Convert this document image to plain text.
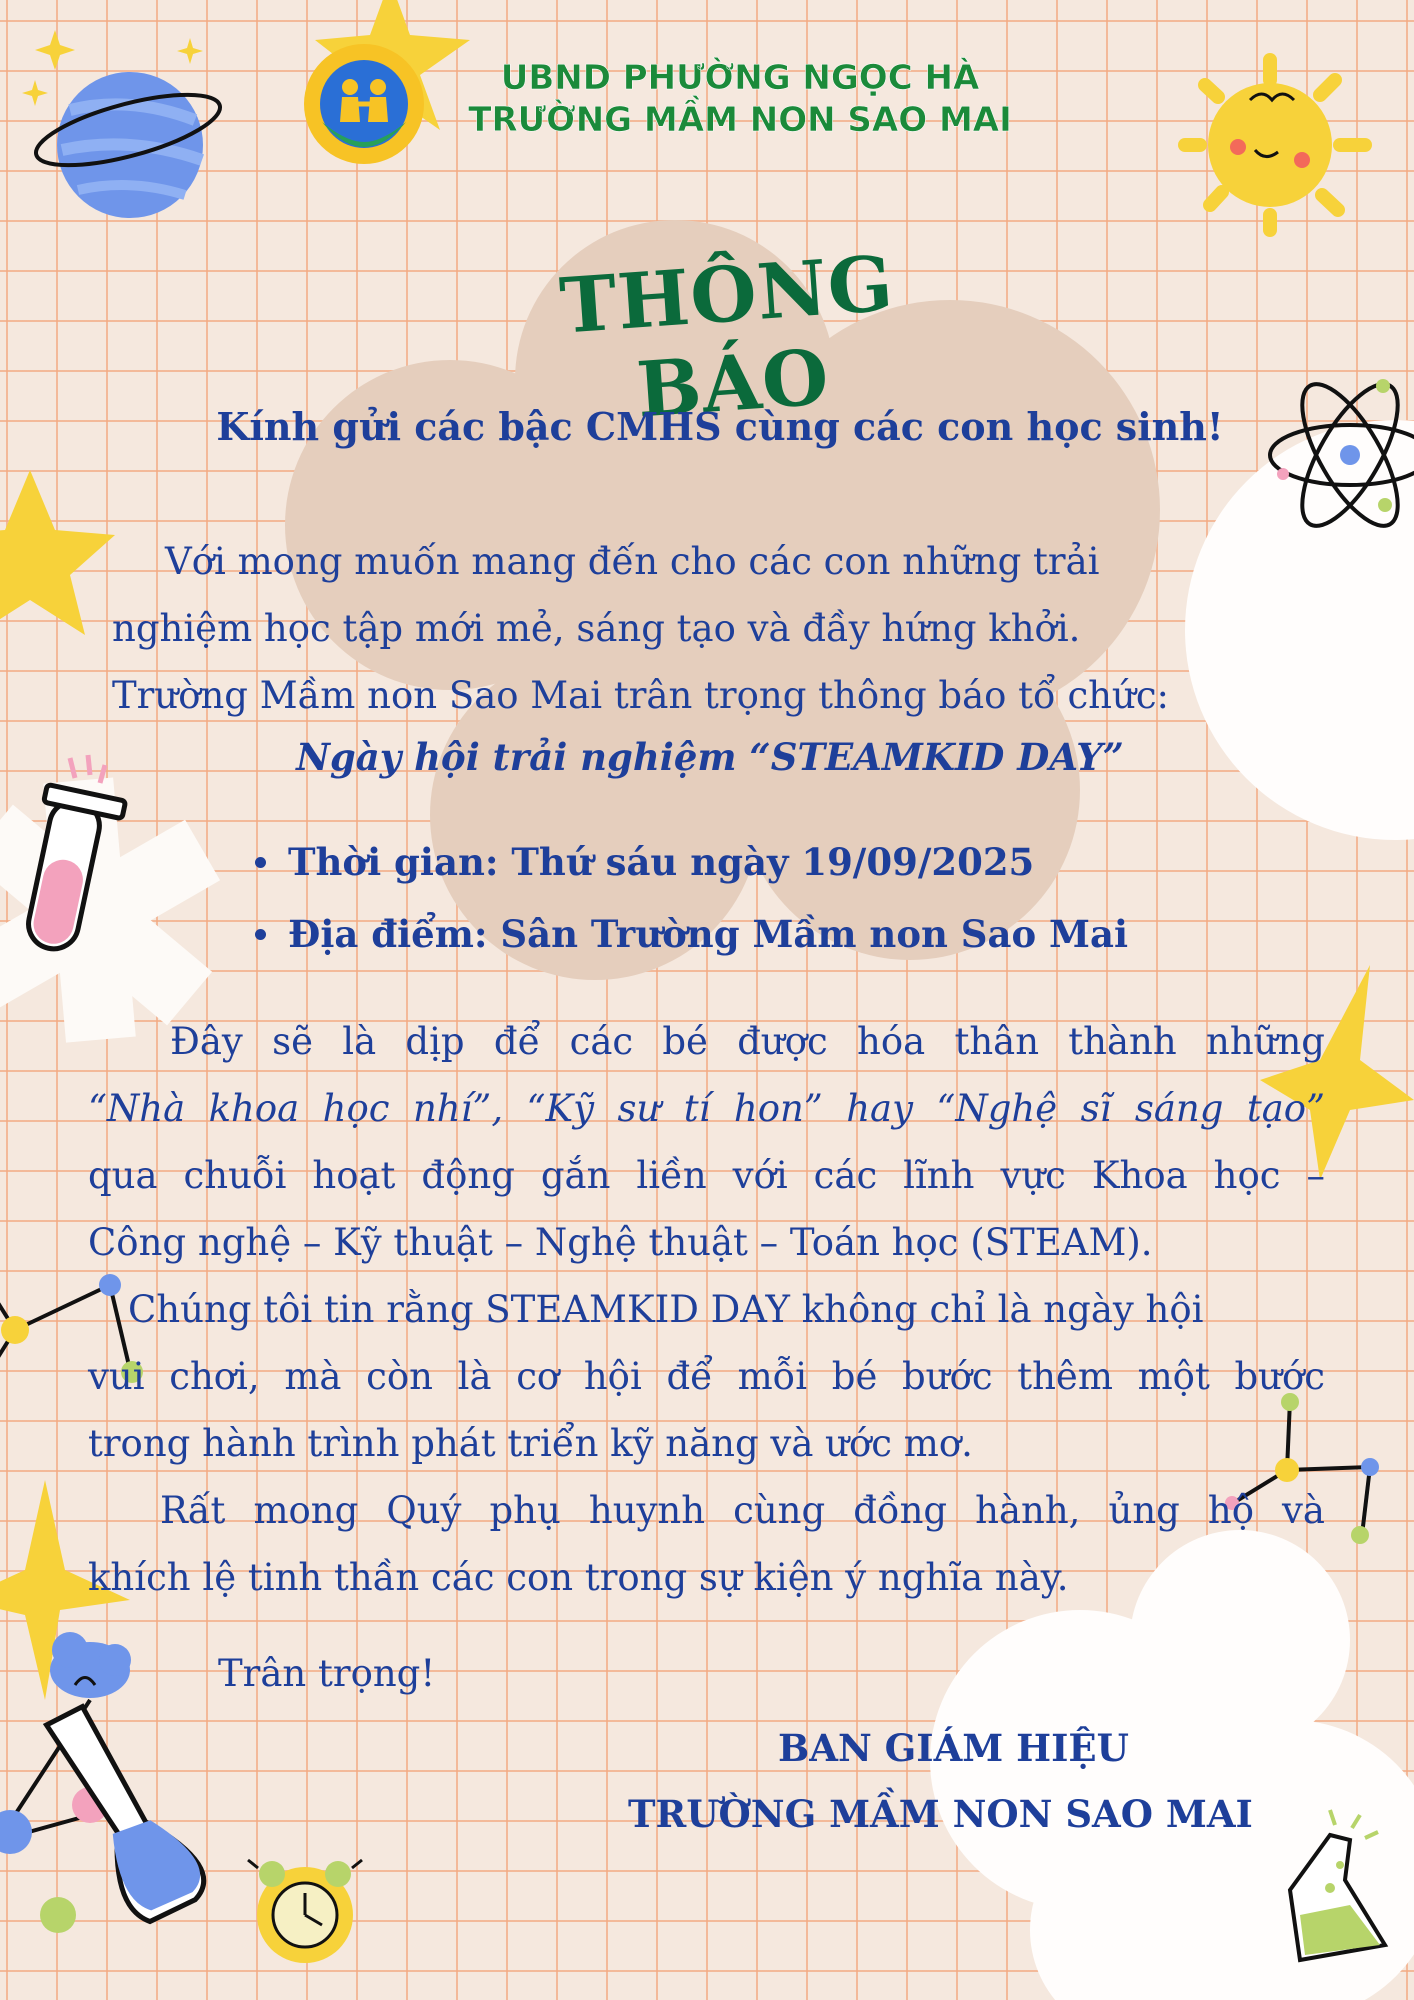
UBND PHƯỜNG NGỌC HÀ
TRƯỜNG MẦM NON SAO MAI
THÔNG BÁO
Kính gửi các bậc CMHS cùng các con học sinh!
Với mong muốn mang đến cho các con những trải
nghiệm học tập mới mẻ, sáng tạo và đầy hứng khởi.
Trường Mầm non Sao Mai trân trọng thông báo tổ chức:
Ngày hội trải nghiệm “STEAMKID DAY”
Thời gian: Thứ sáu ngày 19/09/2025
Địa điểm: Sân Trường Mầm non Sao Mai
Đây sẽ là dịp để các bé được hóa thân thành những
“Nhà khoa học nhí”, “Kỹ sư tí hon” hay “Nghệ sĩ sáng tạo”
qua chuỗi hoạt động gắn liền với các lĩnh vực Khoa học –
Công nghệ – Kỹ thuật – Nghệ thuật – Toán học (STEAM).
Chúng tôi tin rằng STEAMKID DAY không chỉ là ngày hội
vui chơi, mà còn là cơ hội để mỗi bé bước thêm một bước
trong hành trình phát triển kỹ năng và ước mơ.
Rất mong Quý phụ huynh cùng đồng hành, ủng hộ và
khích lệ tinh thần các con trong sự kiện ý nghĩa này.
Trân trọng!
BAN GIÁM HIỆU
TRƯỜNG MẦM NON SAO MAI
